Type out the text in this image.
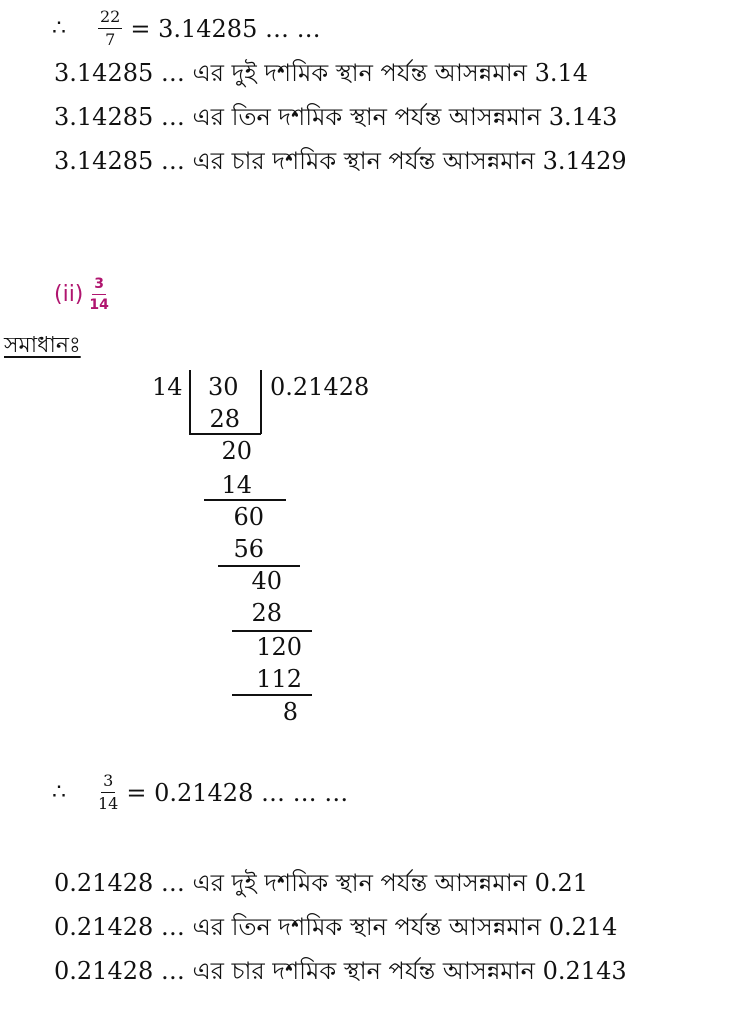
∴	$\frac{22}{7} = 3.14285$ … …
3.14285 … এর দুই দশমিক স্থান পর্যন্ত আসন্নমান 3.14
3.14285 … এর তিন দশমিক স্থান পর্যন্ত আসন্নমান 3.143
3.14285 … এর চার দশমিক স্থান পর্যন্ত আসন্নমান 3.1429
$(ii) \frac{3}{14}$
সমাধানঃ
14 30 0.21428
28
20
14
60
56
40
28
120
112
8
∴	$\frac{3}{14} = 0.21428$ … … …
0.21428 … এর দুই দশমিক স্থান পর্যন্ত আসন্নমান 0.21
0.21428 … এর তিন দশমিক স্থান পর্যন্ত আসন্নমান 0.214
0.21428 … এর চার দশমিক স্থান পর্যন্ত আসন্নমান 0.2143
